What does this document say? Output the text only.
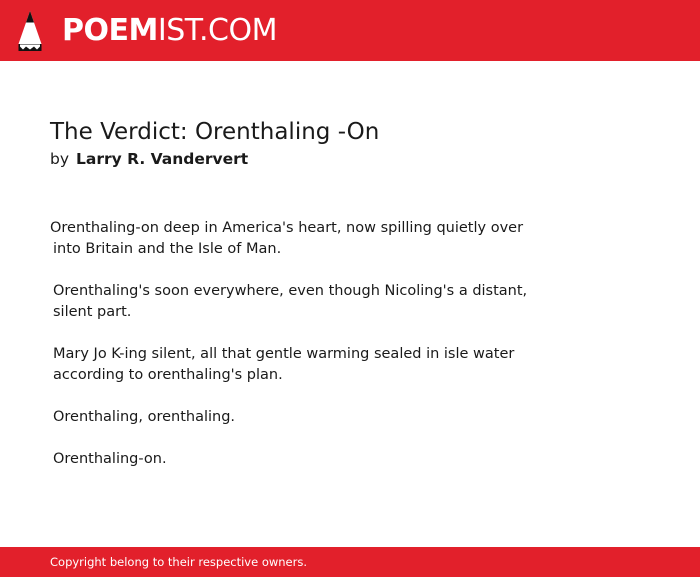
POEMIST.COM
The Verdict: Orenthaling -On
by Larry R. Vandervert

Orenthaling-on deep in America's heart, now spilling quietly over
into Britain and the Isle of Man.

Orenthaling's soon everywhere, even though Nicoling's a distant,
silent part.

Mary Jo K-ing silent, all that gentle warming sealed in isle water
according to orenthaling's plan.

Orenthaling, orenthaling.

Orenthaling-on.

Copyright belong to their respective owners.
